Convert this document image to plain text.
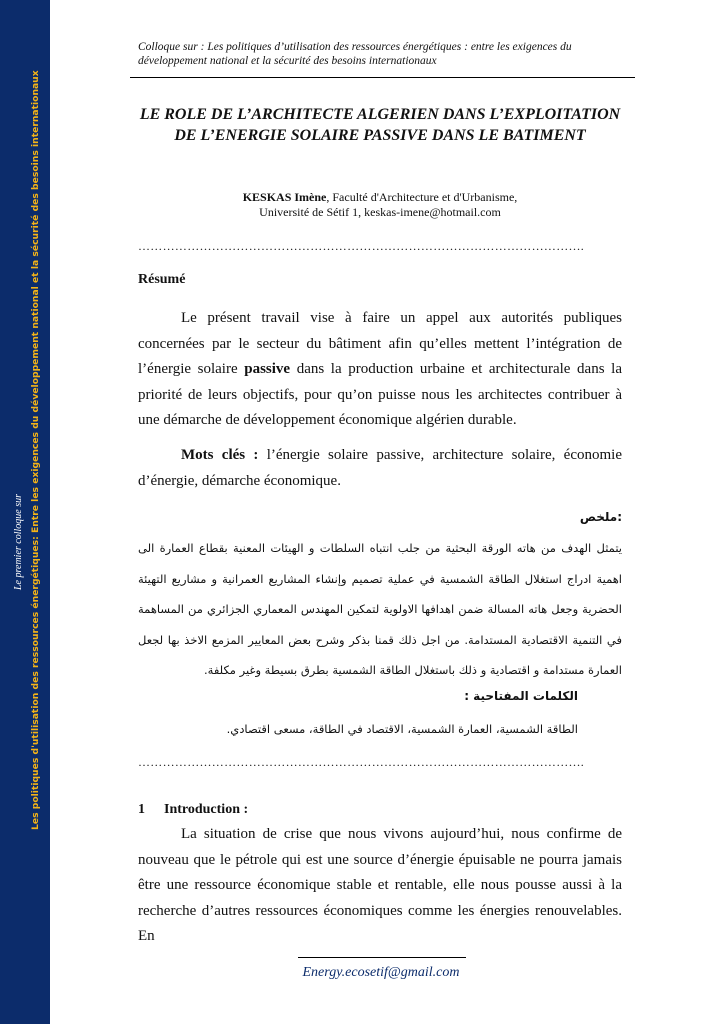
Les politiques d'utilisation des ressources énergétiques: Entre les exigences du développement national et la sécurité des besoins internationaux
Le premier colloque sur
Colloque sur : Les politiques d’utilisation des ressources énergétiques : entre les exigences du développement national et la sécurité des besoins internationaux
LE ROLE DE L’ARCHITECTE ALGERIEN DANS L’EXPLOITATION DE L’ENERGIE SOLAIRE PASSIVE DANS LE BATIMENT
KESKAS Imène, Faculté d'Architecture et d'Urbanisme,
Université de Sétif 1, keskas-imene@hotmail.com
……………………………………………………………………………………………….
Résumé
Le présent travail vise à faire un appel aux autorités publiques concernées par le secteur du bâtiment afin qu’elles mettent l’intégration de l’énergie solaire passive dans la production urbaine et architecturale dans la priorité de leurs objectifs, pour qu’on puisse nous les architectes contribuer à une démarche de développement économique algérien durable.
Mots clés : l’énergie solaire passive, architecture solaire, économie d’énergie, démarche économique.
:ملخص
يتمثل الهدف من هاته الورقة البحثية من جلب انتباه السلطات و الهيئات المعنية بقطاع العمارة الى اهمية ادراج استغلال الطاقة الشمسية في عملية تصميم وإنشاء المشاريع العمرانية و مشاريع التهيئة الحضرية وجعل هاته المسالة ضمن اهدافها الاولوية لتمكين المهندس المعماري الجزائري من المساهمة في التنمية الاقتصادية المستدامة. من اجل ذلك قمنا بذكر وشرح بعض المعايير المزمع الاخذ بها لجعل العمارة مستدامة و اقتصادية و ذلك باستغلال الطاقة الشمسية بطرق بسيطة وغير مكلفة.
الكلمات المفتاحية :
الطاقة الشمسية، العمارة الشمسية، الاقتصاد في الطاقة، مسعى اقتصادي.
……………………………………………………………………………………………….
1 Introduction :
La situation de crise que nous vivons aujourd’hui, nous confirme de nouveau que le pétrole qui est une source d’énergie épuisable ne pourra jamais être une ressource économique stable et rentable, elle nous pousse aussi à la recherche d’autres ressources économiques comme les énergies renouvelables. En
Energy.ecosetif@gmail.com
